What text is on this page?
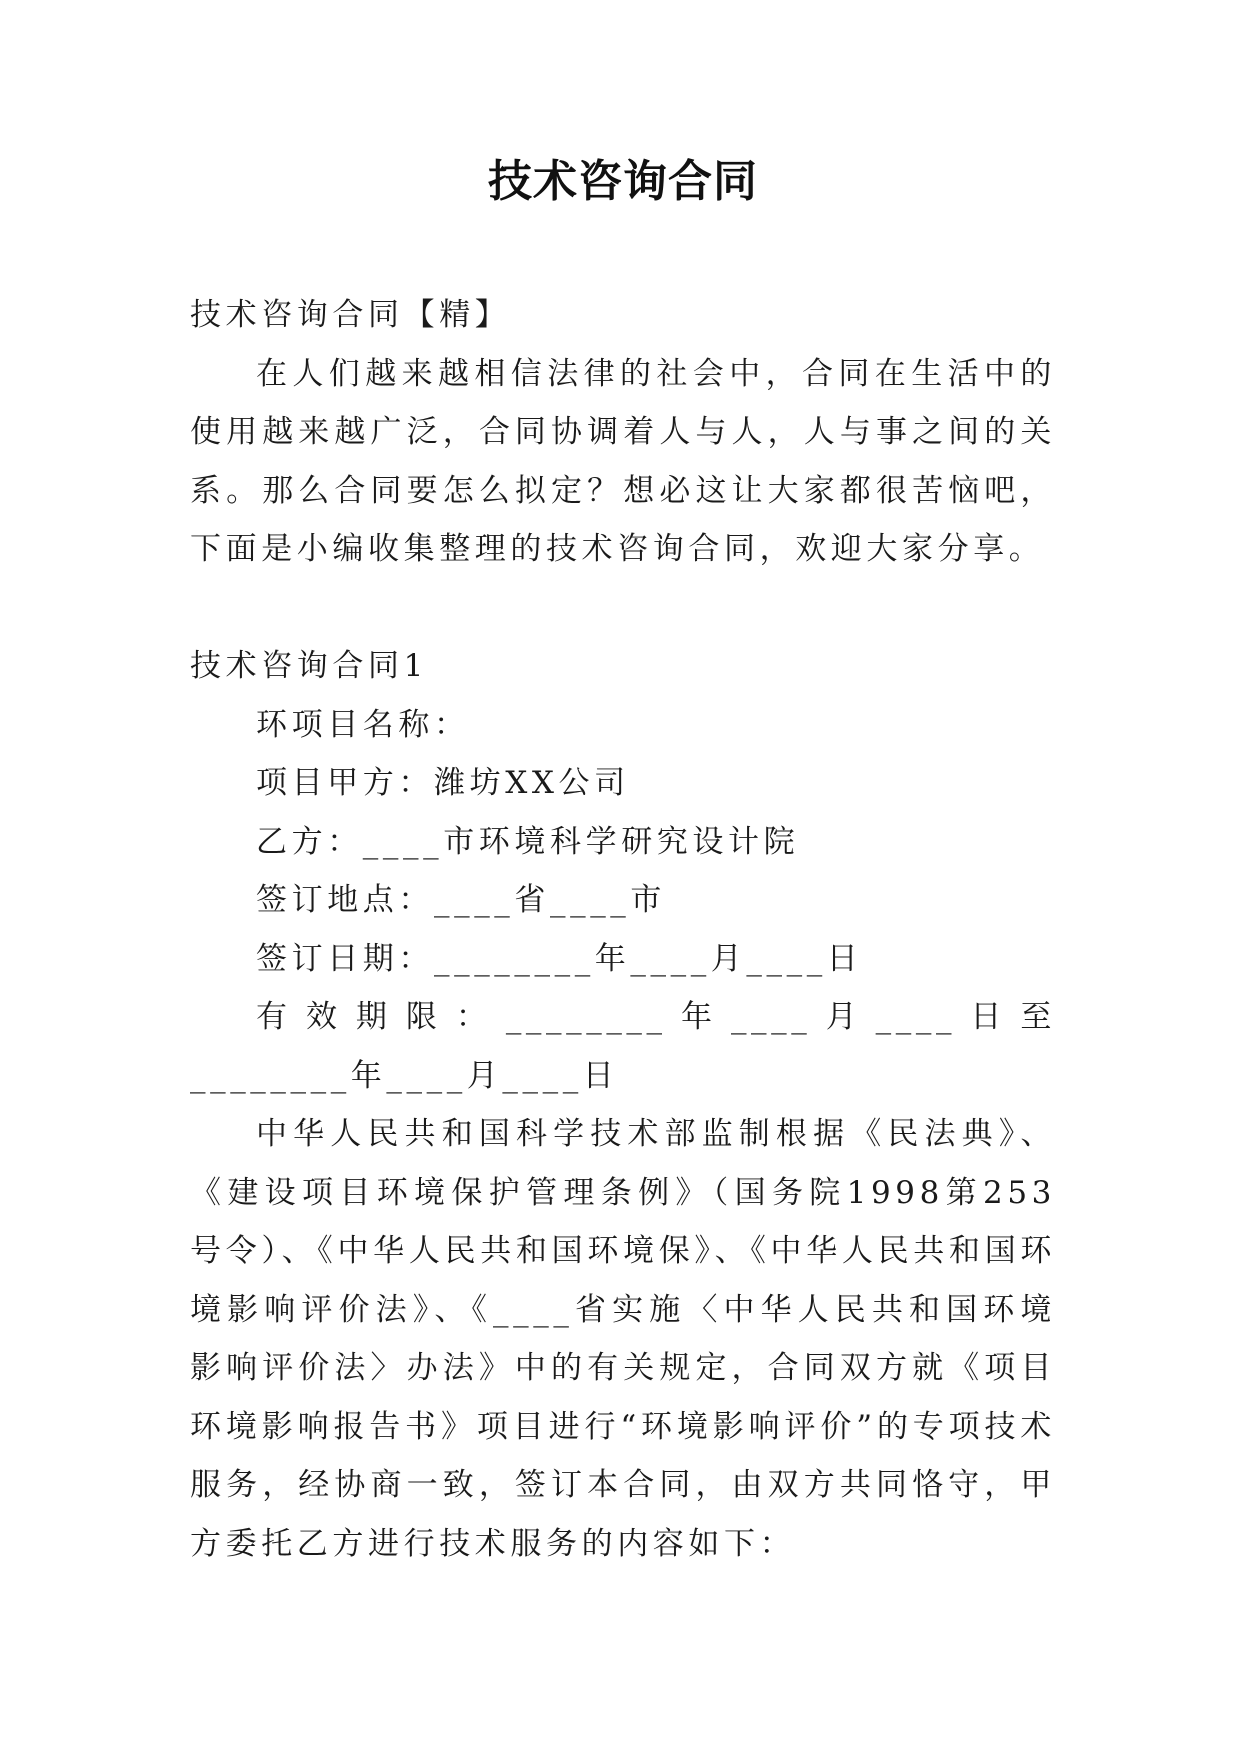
技术咨询合同

技术咨询合同【精】

在人们越来越相信法律的社会中，合同在生活中的使用越来越广泛，合同协调着人与人，人与事之间的关系。那么合同要怎么拟定？想必这让大家都很苦恼吧，下面是小编收集整理的技术咨询合同，欢迎大家分享。

技术咨询合同1

环项目名称：

项目甲方：潍坊XX公司

乙方：____市环境科学研究设计院

签订地点：____省____市

签订日期：________年____月____日

有效期限：________年____月____日至________年____月____日

中华人民共和国科学技术部监制根据《民法典》、《建设项目环境保护管理条例》（国务院1998第253号令）、《中华人民共和国环境保》、《中华人民共和国环境影响评价法》、《____省实施〈中华人民共和国环境影响评价法〉办法》中的有关规定，合同双方就《项目环境影响报告书》项目进行“环境影响评价”的专项技术服务，经协商一致，签订本合同，由双方共同恪守，甲方委托乙方进行技术服务的内容如下：
